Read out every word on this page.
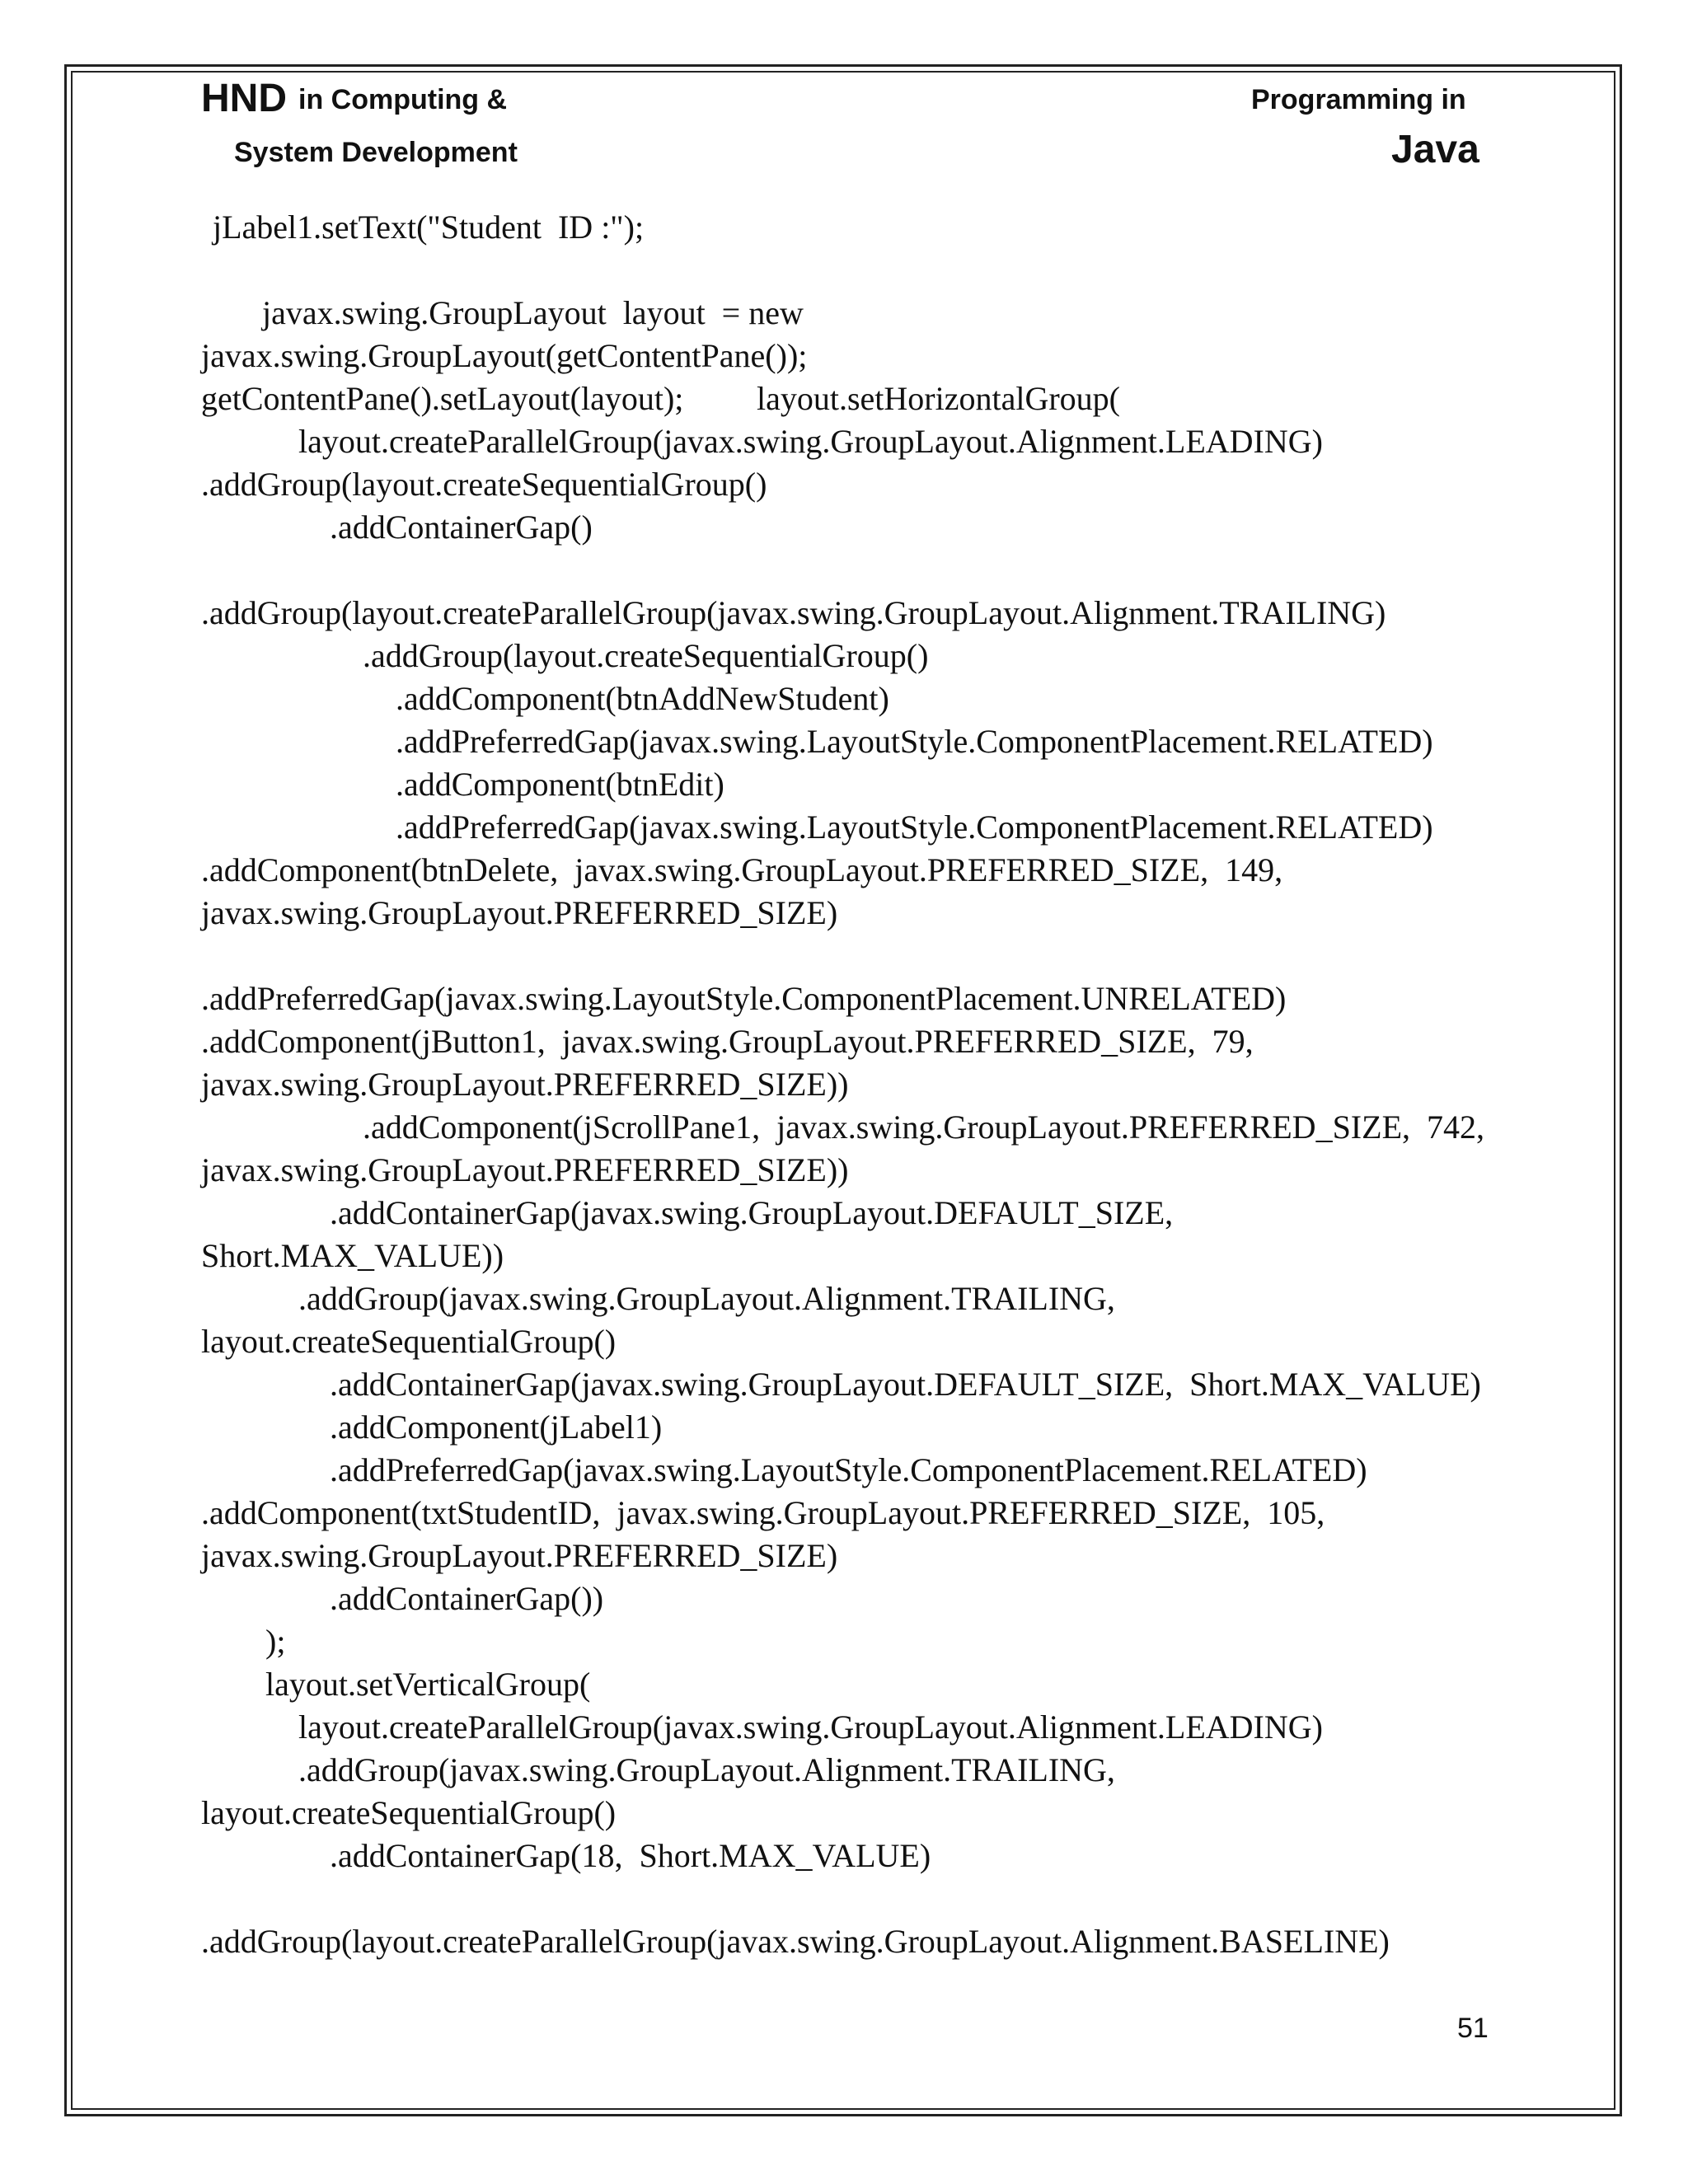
HND in Computing &
System Development
Programming in
Java

jLabel1.setText("Student  ID :");

javax.swing.GroupLayout  layout  = new

javax.swing.GroupLayout(getContentPane());

getContentPane().setLayout(layout);

layout.setHorizontalGroup(

layout.createParallelGroup(javax.swing.GroupLayout.Alignment.LEADING)

.addGroup(layout.createSequentialGroup()

.addContainerGap()

.addGroup(layout.createParallelGroup(javax.swing.GroupLayout.Alignment.TRAILING)

.addGroup(layout.createSequentialGroup()

.addComponent(btnAddNewStudent)

.addPreferredGap(javax.swing.LayoutStyle.ComponentPlacement.RELATED)

.addComponent(btnEdit)

.addPreferredGap(javax.swing.LayoutStyle.ComponentPlacement.RELATED)

.addComponent(btnDelete,  javax.swing.GroupLayout.PREFERRED_SIZE,  149,

javax.swing.GroupLayout.PREFERRED_SIZE)

.addPreferredGap(javax.swing.LayoutStyle.ComponentPlacement.UNRELATED)

.addComponent(jButton1,  javax.swing.GroupLayout.PREFERRED_SIZE,  79,

javax.swing.GroupLayout.PREFERRED_SIZE))

.addComponent(jScrollPane1,  javax.swing.GroupLayout.PREFERRED_SIZE,  742,

javax.swing.GroupLayout.PREFERRED_SIZE))

.addContainerGap(javax.swing.GroupLayout.DEFAULT_SIZE,

Short.MAX_VALUE))

.addGroup(javax.swing.GroupLayout.Alignment.TRAILING,

layout.createSequentialGroup()

.addContainerGap(javax.swing.GroupLayout.DEFAULT_SIZE,  Short.MAX_VALUE)

.addComponent(jLabel1)

.addPreferredGap(javax.swing.LayoutStyle.ComponentPlacement.RELATED)

.addComponent(txtStudentID,  javax.swing.GroupLayout.PREFERRED_SIZE,  105,

javax.swing.GroupLayout.PREFERRED_SIZE)

.addContainerGap())

);

layout.setVerticalGroup(

layout.createParallelGroup(javax.swing.GroupLayout.Alignment.LEADING)

.addGroup(javax.swing.GroupLayout.Alignment.TRAILING,

layout.createSequentialGroup()

.addContainerGap(18,  Short.MAX_VALUE)

.addGroup(layout.createParallelGroup(javax.swing.GroupLayout.Alignment.BASELINE)

51
